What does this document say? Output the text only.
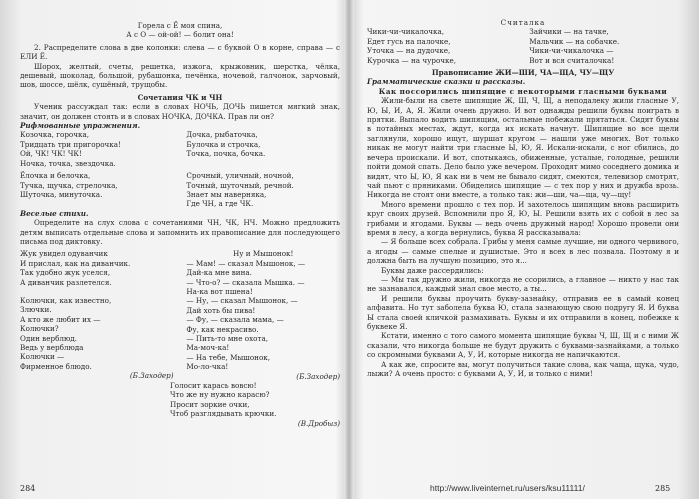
Горела с Ё моя спина,
А с О — ой-ой! — болит она!

2. Распределите слова в две колонки: слева — с буквой О в корне, справа — с ЕЛИ Ё.

Шорох, желтый, счеты, решетка, изжога, крыжовник, шерстка, чёлка, дешевый, шоколад, большой, рубашонка, печёнка, ночевой, галчонок, зарчовый, шов, шоссе, шёлк, сушёный, трущобы.

Сочетания ЧК и ЧН

Ученик рассуждал так: если в словах НОЧЬ, ДОЧЬ пишется мягкий знак, значит, он должен стоять и в словах НОЧКА, ДОЧКА. Прав ли он?

Рифмованные упражнения.
Козочка, горочка,
Тридцать три пригорочка!
Ой, ЧК! ЧК! ЧК!
Ночка, точка, звездочка.
Дочка, рыбаточка,
Булочка и строчка,
Точка, почка, бочка.
Ёлочка и белочка,
Тучка, щучка, стрелочка,
Шуточка, минуточка.
Срочный, уличный, ночной,
Точный, шуточный, речной.
Знает мы наверняка,
Где ЧН, а где ЧК.
Веселые стихи.

Определите на слух слова с сочетаниями ЧН, ЧК, НЧ. Можно предложить детям выписать отдельные слова и запомнить их правописание для последующего письма под диктовку.

Жук увидел одуванчик
И прислал, как на диванчик.
Так удобно жук уселся,
А диванчик разлетелся.
Колючки, как известно,
Злючки.
А кто же любит их —
Колючки?
Один верблюд.
Ведь у верблюда
Колючки —
Фирменное блюдо.
(Б.Заходер)
Ну и Мышонок!
— Мам! — сказал Мышонок, —
Дай-ка мне вина.
— Что-о? — сказала Мышка. —
На-ка вот пшена!
— Ну, — сказал Мышонок, —
Дай хоть бы пива!
— Фу, — сказала мама, —
Фу, как некрасиво.
— Пить-то мне охота,
Ма-моч-ка!
— На тебе, Мышонок,
Мо-ло-чка!
(Б.Заходер)
Голосит карась вовсю!
Что же ну нужно карасю?
Просит зоркие очки,
Чтоб разглядывать крючки.
(В.Дробыз)
284
Считалка
Чики-чи-чикалочка,
Едет гусь на палочке,
Уточка — на дудочке,
Курочка — на чурочке,
Зайчики — на тачке,
Мальчик — на собачке.
Чики-чи-чикалочка —
Вот и вся считалочка!
Правописание ЖИ—ШИ, ЧА—ЩА, ЧУ—ЩУ
Грамматические сказки и рассказы.
Как поссорились шипящие с некоторыми гласными буквами

Жили-были на свете шипящие Ж, Ш, Ч, Щ, а неподалеку жили гласные У, Ю, Ы, И, А, Я. Жили очень дружно. И вот однажды решили буквы поиграть в прятки. Выпало водить шипящим, остальные побежали прятаться. Сидят буквы в потайных местах, ждут, когда их искать начнут. Шипящие во все щели заглянули, хорошо ищут, шуршат кругом — нашли уже многих. Вот только никак не могут найти три гласные Ы, Ю, Я. Искали-искали, с ног сбились, до вечера проискали. И вот, спотыкаясь, обиженные, усталые, голодные, решили пойти домой спать. Дело было уже вечером. Проходят мимо соседнего домика и видят, что Ы, Ю, Я как ни в чем не бывало сидят, смеются, телевизор смотрят, чай пьют с пряниками. Обиделись шипящие — с тех пор у них и дружба врозь. Никогда не стоят они вместе, а только так: жи—ши, ча—ща, чу—щу!

Много времени прошло с тех пор. И захотелось шипящим вновь расширить круг своих друзей. Вспомнили про Я, Ю, Ы. Решили взять их с собой в лес за грибами и ягодами. Буквы — ведь очень дружный народ! Хорошо провели они время в лесу, а когда вернулись, буква Я рассказывала:

— Я больше всех собрала. Грибы у меня самые лучшие, ни одного червивого, а ягоды — самые спелые и душистые. Это я всех в лес позвала. Поэтому я и должна быть на лучшую позицию, это я...

Буквы даже рассердились:

— Мы так дружно жили, никогда не ссорились, а главное — никто у нас так не зазнавался, каждый знал свое место, а ты...

И решили буквы проучить букву-зазнайку, отправив ее в самый конец алфавита. Но тут заболела буква Ю, стала зазнающую свою подругу Я. И буква Ы стала своей кличкой размахивать. Буквы и их отправили в конец, побежке к буквеке Я.

Кстати, именно с того самого момента шипящие буквы Ч, Ш, Щ и с ними Ж сказали, что никогда больше не будут дружить с буквами-зазнайками, а только со скромными буквами А, У, И, которые никогда не напичкаются.

А как же, спросите вы, могут получиться такие слова, как чаща, щука, чудо, лыжи? А очень просто: с буквами А, У, И, и только с ними!

285
http://www.liveinternet.ru/users/ksu11111/
